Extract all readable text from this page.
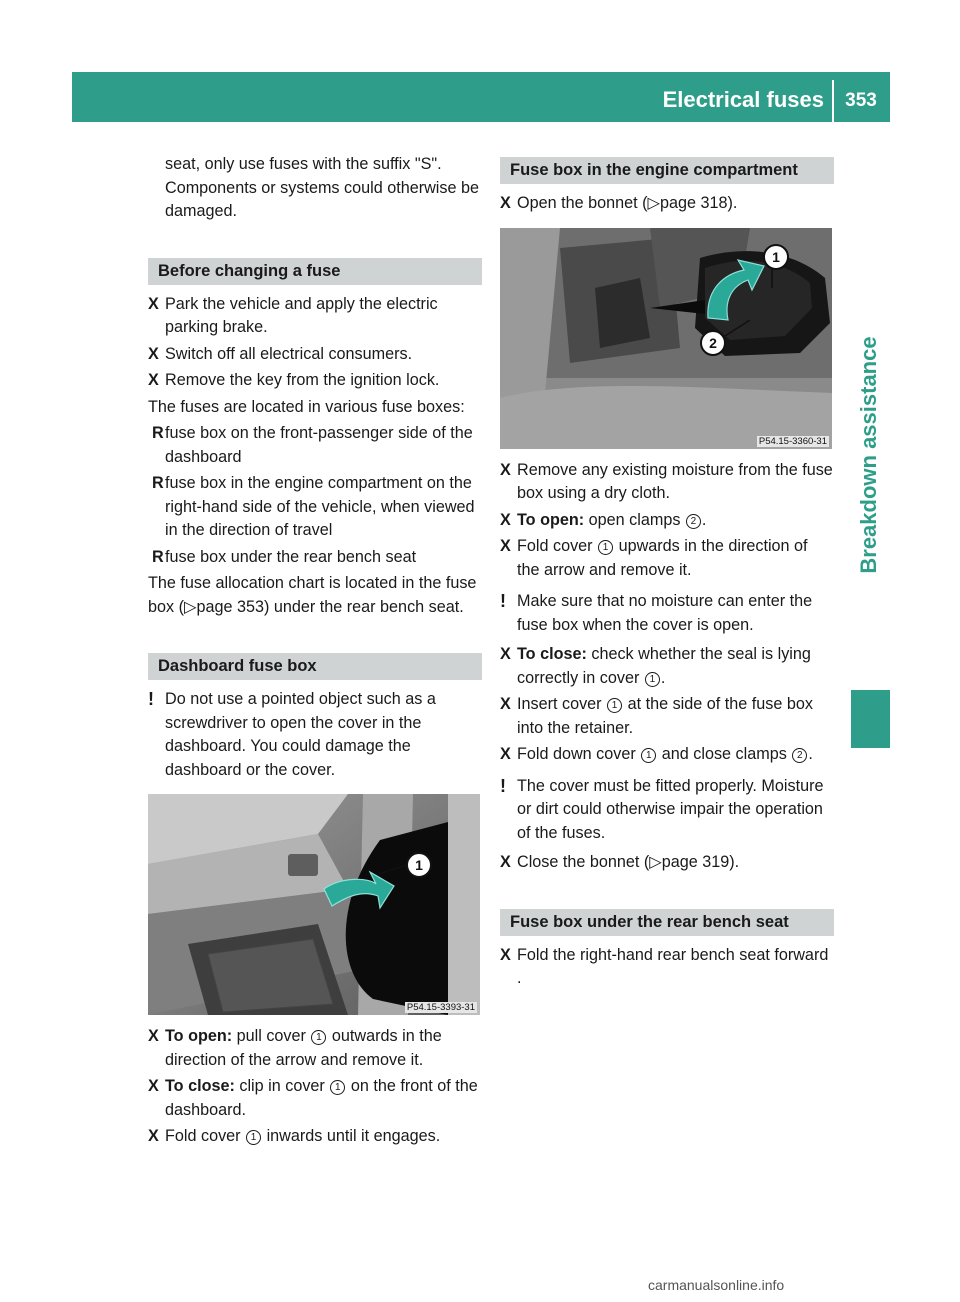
Electrical fuses	353
Breakdown assistance

seat, only use fuses with the suffix "S". Components or systems could otherwise be damaged.

Before changing a fuse
X Park the vehicle and apply the electric parking brake.
X Switch off all electrical consumers.
X Remove the key from the ignition lock.

The fuses are located in various fuse boxes:

R fuse box on the front-passenger side of the dashboard
R fuse box in the engine compartment on the right-hand side of the vehicle, when viewed in the direction of travel
R fuse box under the rear bench seat

The fuse allocation chart is located in the fuse box (▷page 353) under the rear bench seat.

Dashboard fuse box
! Do not use a pointed object such as a screwdriver to open the cover in the dashboard. You could damage the dashboard or the cover.
1
P54.15-3393-31
X To open: pull cover 1 outwards in the direction of the arrow and remove it.
X To close: clip in cover 1 on the front of the dashboard.
X Fold cover 1 inwards until it engages.
Fuse box in the engine compartment
X Open the bonnet (▷page 318).
1
2
P54.15-3360-31
X Remove any existing moisture from the fuse box using a dry cloth.
X To open: open clamps 2 .
X Fold cover 1 upwards in the direction of the arrow and remove it.
! Make sure that no moisture can enter the fuse box when the cover is open.
X To close: check whether the seal is lying correctly in cover 1 .
X Insert cover 1 at the side of the fuse box into the retainer.
X Fold down cover 1 and close clamps 2 .
! The cover must be fitted properly. Moisture or dirt could otherwise impair the operation of the fuses.
X Close the bonnet (▷page 319).
Fuse box under the rear bench seat
X Fold the right-hand rear bench seat forward .
carmanualsonline.info
